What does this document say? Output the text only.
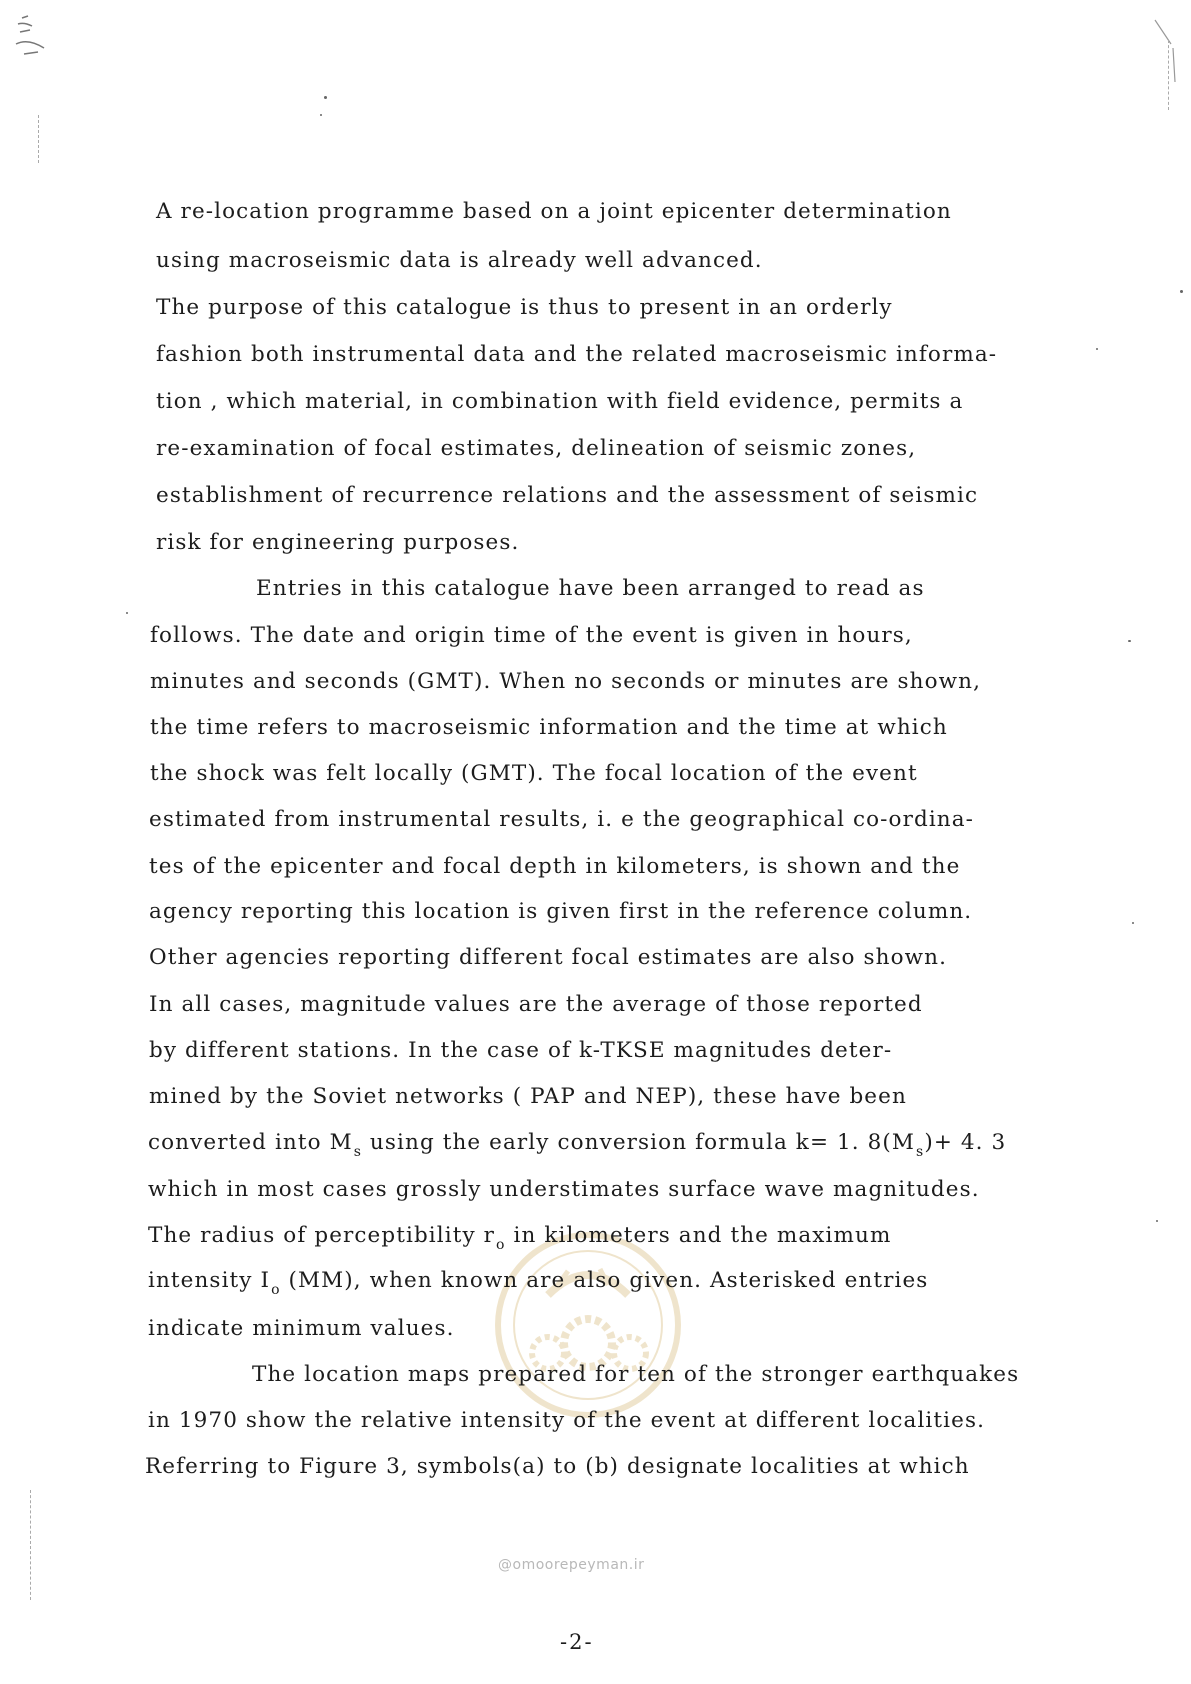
@omoorepeyman.ir
A re-location programme based on a joint epicenter determination
using macroseismic data is already well advanced.
The purpose of this catalogue is thus to present in an orderly
fashion both instrumental data and the related macroseismic informa-
tion , which material, in combination with field evidence, permits a
re-examination of focal estimates, delineation of seismic zones,
establishment of recurrence relations and the assessment of seismic
risk for engineering purposes.
Entries in this catalogue have been arranged to read as
follows. The date and origin time of the event is given in hours,
minutes and seconds (GMT). When no seconds or minutes are shown,
the time refers to macroseismic information and the time at which
the shock was felt locally (GMT). The focal location of the event
estimated from instrumental results, i. e the geographical co-ordina-
tes of the epicenter and focal depth in kilometers, is shown and the
agency reporting this location is given first in the reference column.
Other agencies reporting different focal estimates are also shown.
In all cases, magnitude values are the average of those reported
by different stations. In the case of k-TKSE magnitudes deter-
mined by the Soviet networks ( PAP and NEP), these have been
converted into $M_s$ using the early conversion formula k= 1. $8(M_s)+ 4$. 3
which in most cases grossly understimates surface wave magnitudes.
The radius of perceptibility $r_o$ in kilometers and the maximum
intensity $I_o$ (MM), when known are also given. Asterisked entries
indicate minimum values.
The location maps prepared for ten of the stronger earthquakes
in 1970 show the relative intensity of the event at different localities.
Referring to Figure 3, symbols(a) to (b) designate localities at which
-2-
